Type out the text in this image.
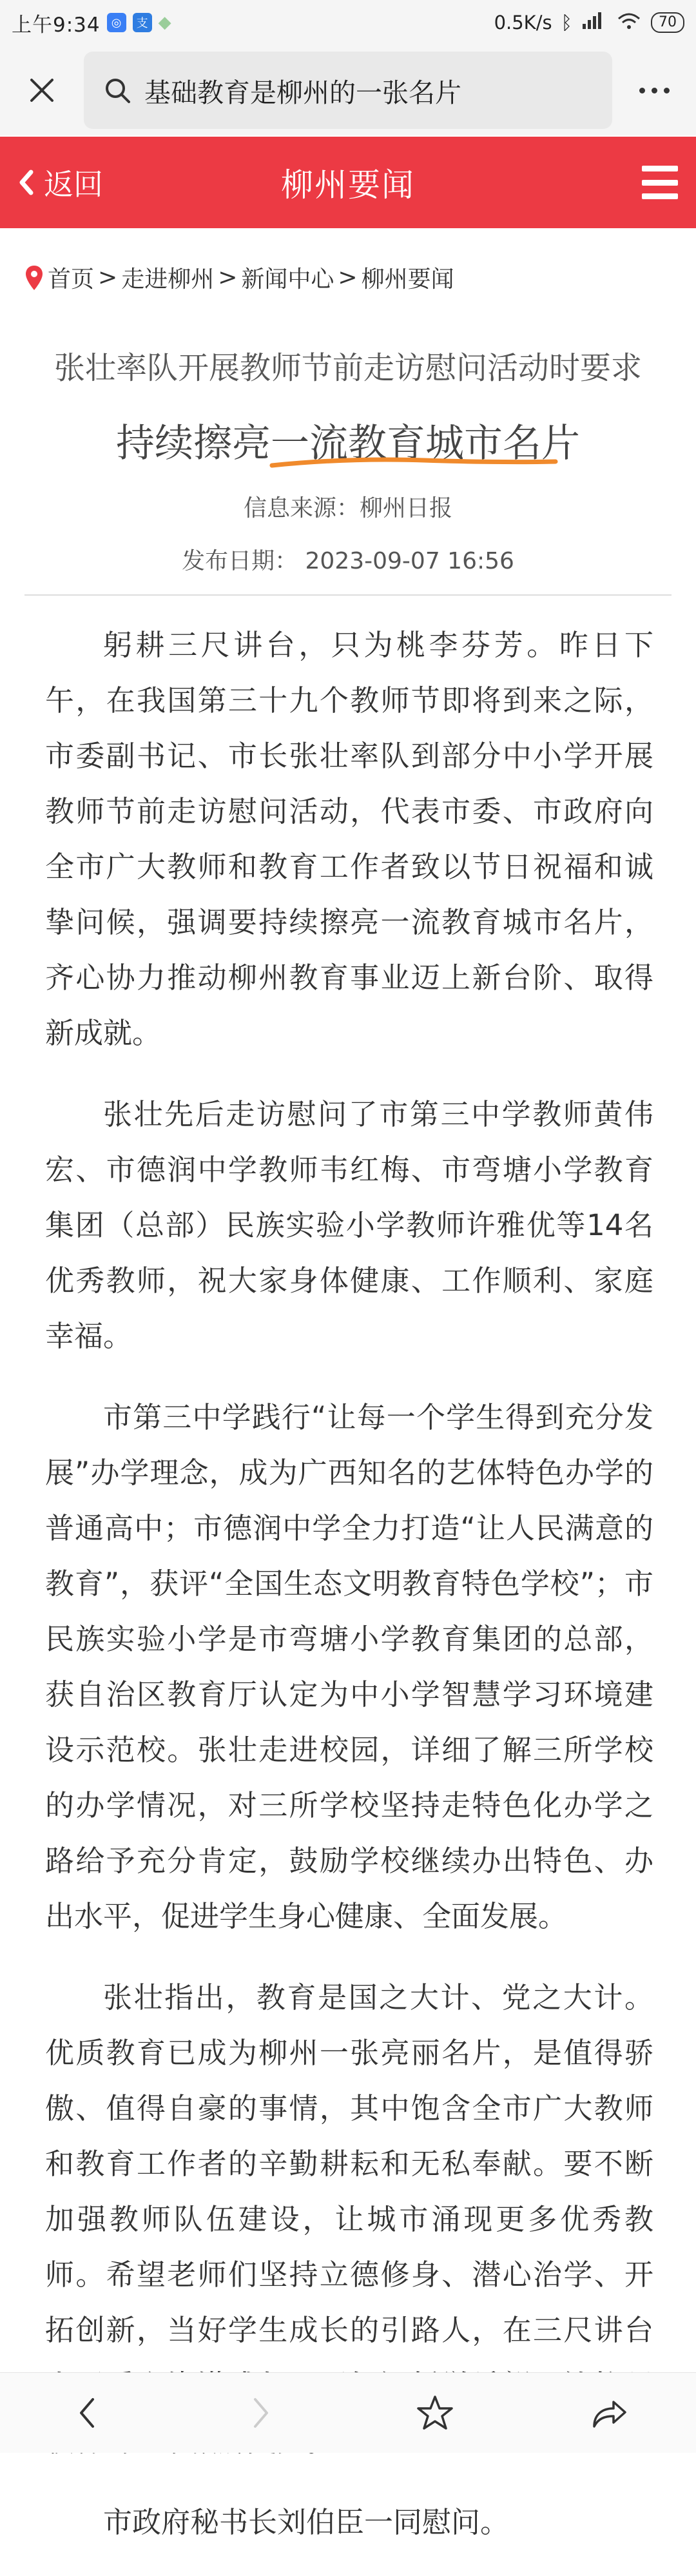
上午9:34 ◎	支 ◆	0.5K/s ᛒ	70
基础教育是柳州的一张名片
返回	柳州要闻
首页 > 走进柳州 > 新闻中心 > 柳州要闻
张壮率队开展教师节前走访慰问活动时要求
持续擦亮一流教育城市名片
信息来源：柳州日报
发布日期： 2023-09-07 16:56

躬耕三尺讲台，只为桃李芬芳。昨日下午，在我国第三十九个教师节即将到来之际，市委副书记、市长张壮率队到部分中小学开展教师节前走访慰问活动，代表市委、市政府向全市广大教师和教育工作者致以节日祝福和诚挚问候，强调要持续擦亮一流教育城市名片，齐心协力推动柳州教育事业迈上新台阶、取得新成就。

张壮先后走访慰问了市第三中学教师黄伟宏、市德润中学教师韦红梅、市弯塘小学教育集团（总部）民族实验小学教师许雅优等14名优秀教师，祝大家身体健康、工作顺利、家庭幸福。

市第三中学践行“让每一个学生得到充分发展”办学理念，成为广西知名的艺体特色办学的普通高中；市德润中学全力打造“让人民满意的教育”，获评“全国生态文明教育特色学校”；市民族实验小学是市弯塘小学教育集团的总部，获自治区教育厅认定为中小学智慧学习环境建设示范校。张壮走进校园，详细了解三所学校的办学情况，对三所学校坚持走特色化办学之路给予充分肯定，鼓励学校继续办出特色、办出水平，促进学生身心健康、全面发展。

张壮指出，教育是国之大计、党之大计。优质教育已成为柳州一张亮丽名片，是值得骄傲、值得自豪的事情，其中饱含全市广大教师和教育工作者的辛勤耕耘和无私奉献。要不断加强教师队伍建设，让城市涌现更多优秀教师。希望老师们坚持立德修身、潜心治学、开拓创新，当好学生成长的引路人，在三尺讲台

市政府秘书长刘伯臣一同慰问。
